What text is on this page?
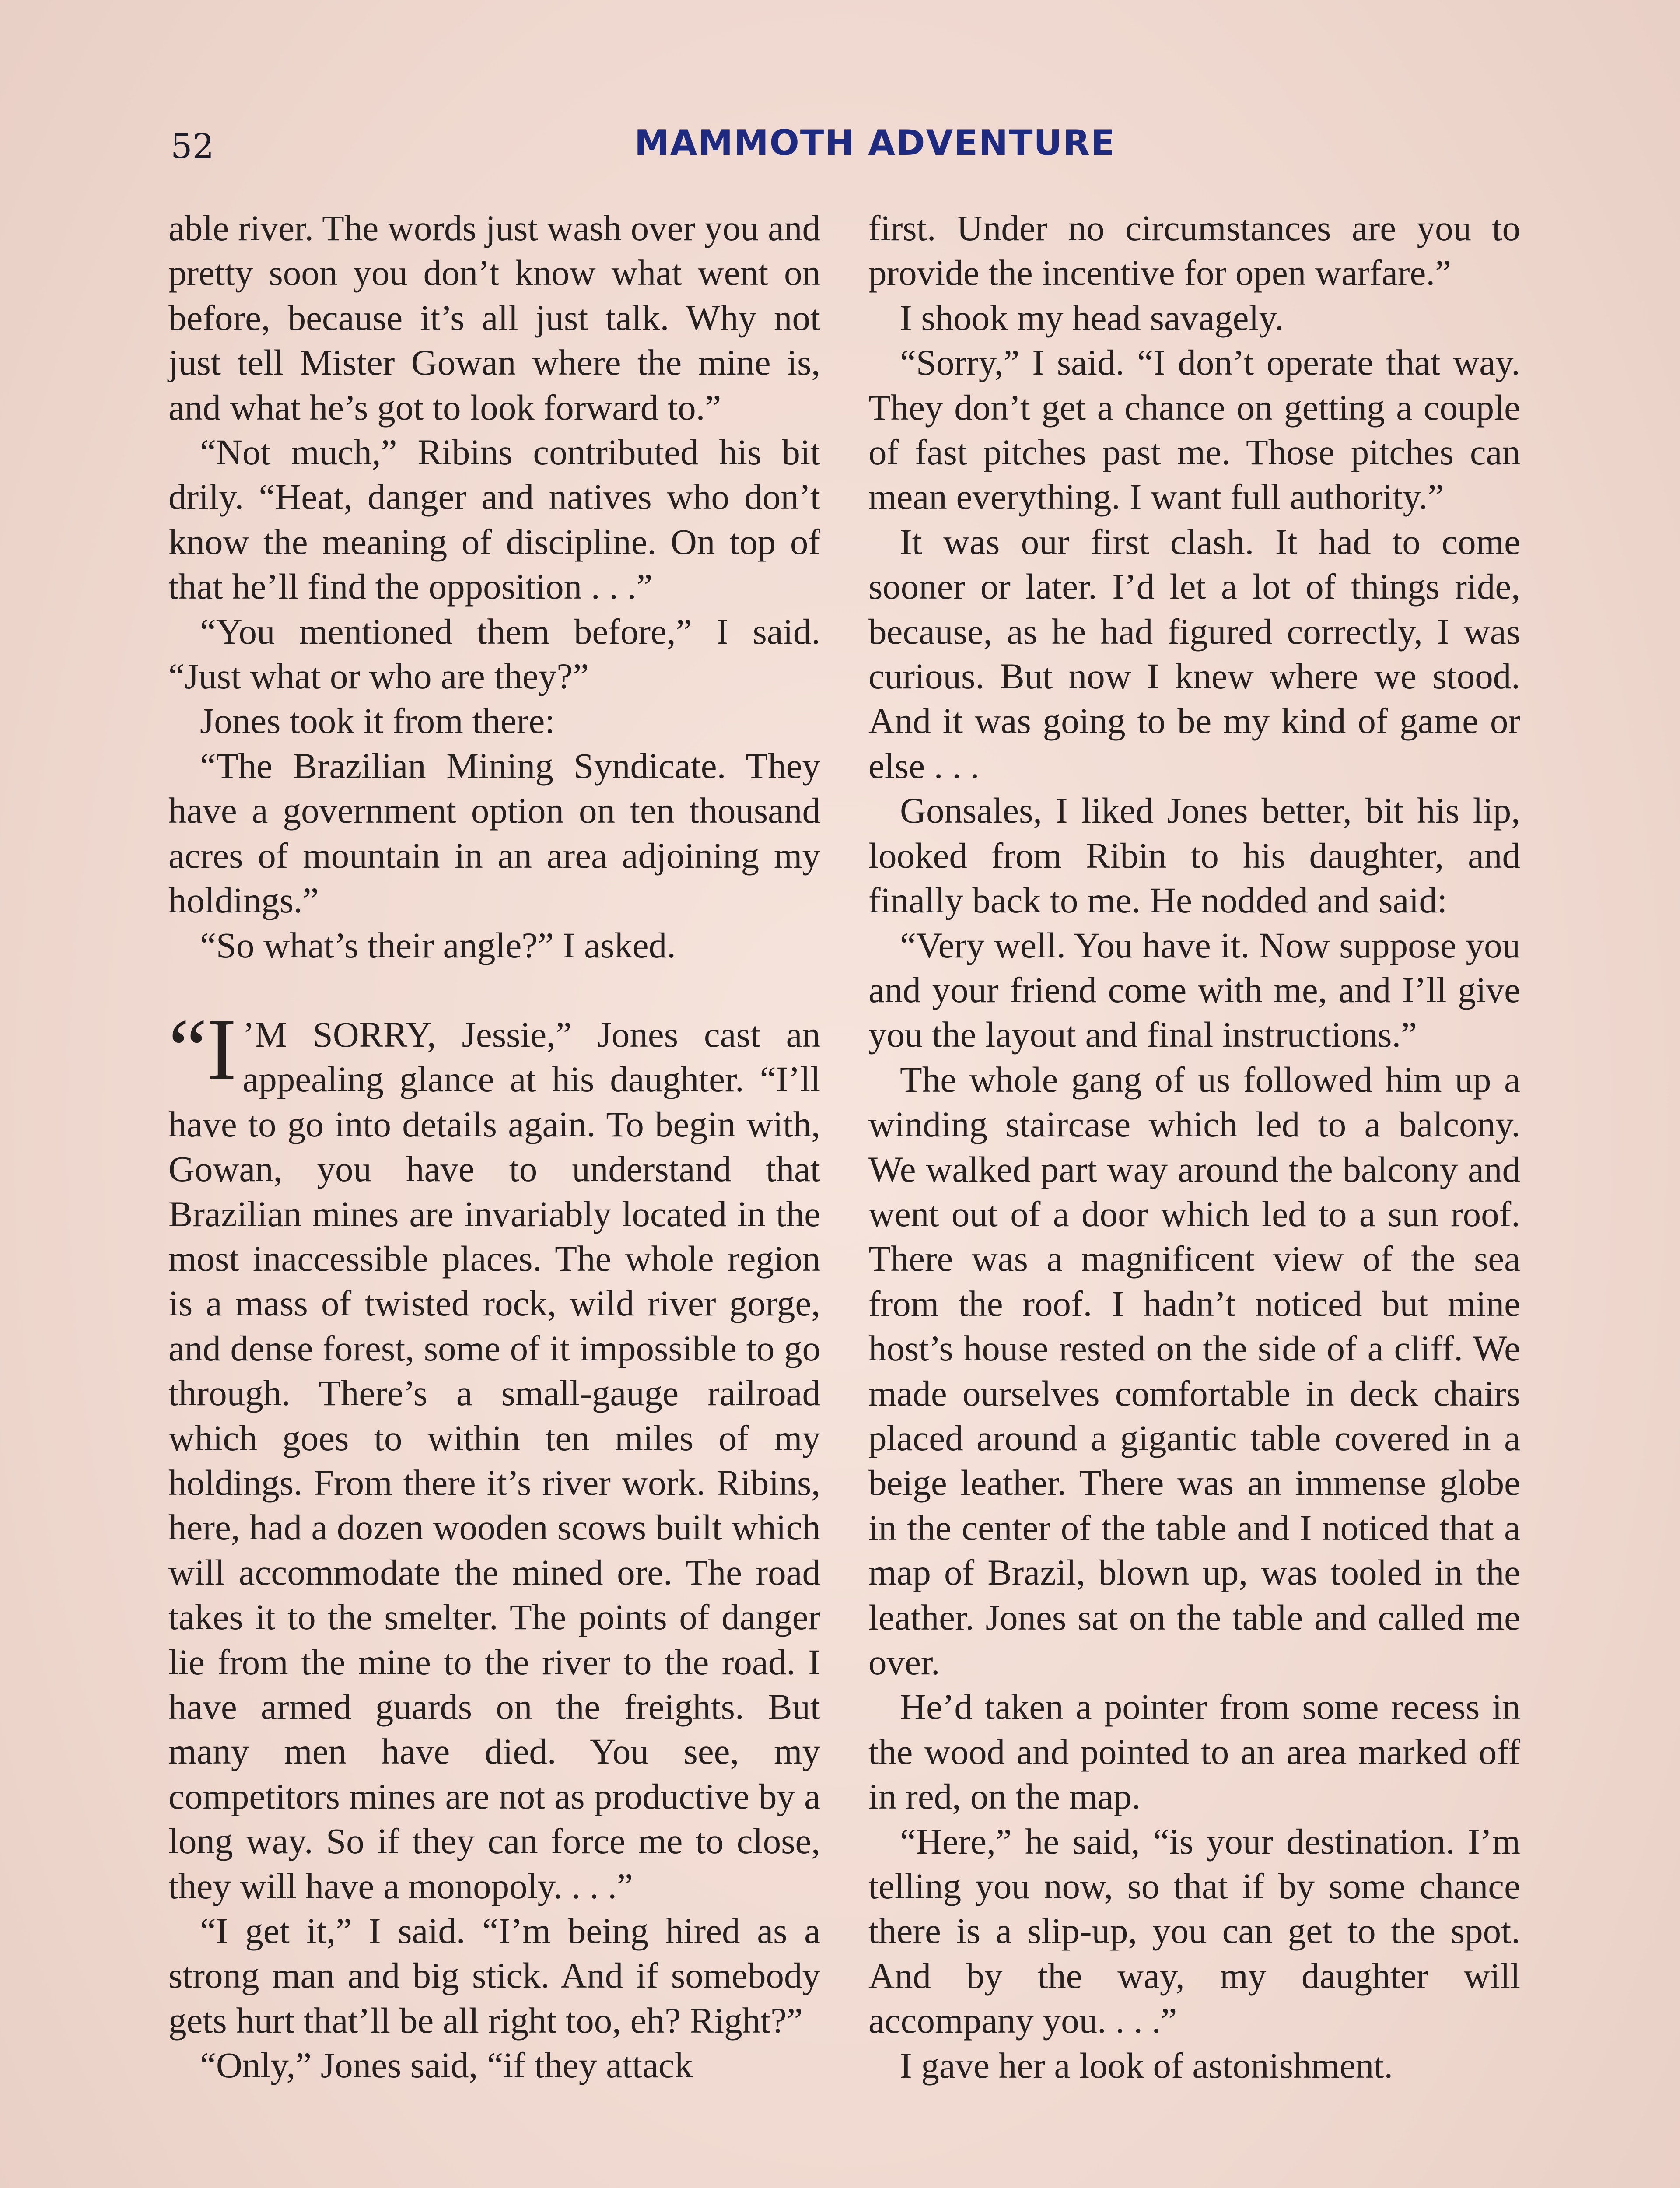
52	MAMMOTH ADVENTURE

able river. The words just wash over you and pretty soon you don’t know what went on before, because it’s all just talk. Why not just tell Mister Gowan where the mine is, and what he’s got to look forward to.”

“Not much,” Ribins contributed his bit drily. “Heat, danger and natives who don’t know the meaning of discipline. On top of that he’ll find the opposition . . .”

“You mentioned them before,” I said. “Just what or who are they?”

Jones took it from there:

“The Brazilian Mining Syndicate. They have a government option on ten thousand acres of mountain in an area adjoining my holdings.”

“So what’s their angle?” I asked.

“I ’M SORRY, Jessie,” Jones cast an appealing glance at his daughter. “I’ll have to go into details again. To begin with, Gowan, you have to understand that Brazilian mines are invariably located in the most inaccessible places. The whole region is a mass of twisted rock, wild river gorge, and dense forest, some of it impossible to go through. There’s a small-gauge railroad which goes to within ten miles of my holdings. From there it’s river work. Ribins, here, had a dozen wooden scows built which will accommodate the mined ore. The road takes it to the smelter. The points of danger lie from the mine to the river to the road. I have armed guards on the freights. But many men have died. You see, my competitors mines are not as productive by a long way. So if they can force me to close, they will have a monopoly. . . .”

“I get it,” I said. “I’m being hired as a strong man and big stick. And if somebody gets hurt that’ll be all right too, eh? Right?”

“Only,” Jones said, “if they attack

first. Under no circumstances are you to provide the incentive for open warfare.”

I shook my head savagely.

“Sorry,” I said. “I don’t operate that way. They don’t get a chance on getting a couple of fast pitches past me. Those pitches can mean everything. I want full authority.”

It was our first clash. It had to come sooner or later. I’d let a lot of things ride, because, as he had figured correctly, I was curious. But now I knew where we stood. And it was going to be my kind of game or else . . .

Gonsales, I liked Jones better, bit his lip, looked from Ribin to his daughter, and finally back to me. He nodded and said:

“Very well. You have it. Now suppose you and your friend come with me, and I’ll give you the layout and final instructions.”

The whole gang of us followed him up a winding staircase which led to a balcony. We walked part way around the balcony and went out of a door which led to a sun roof. There was a magnificent view of the sea from the roof. I hadn’t noticed but mine host’s house rested on the side of a cliff. We made ourselves comfortable in deck chairs placed around a gigantic table covered in a beige leather. There was an immense globe in the center of the table and I noticed that a map of Brazil, blown up, was tooled in the leather. Jones sat on the table and called me over.

He’d taken a pointer from some recess in the wood and pointed to an area marked off in red, on the map.

“Here,” he said, “is your destination. I’m telling you now, so that if by some chance there is a slip-up, you can get to the spot. And by the way, my daughter will accompany you. . . .”

I gave her a look of astonishment.
